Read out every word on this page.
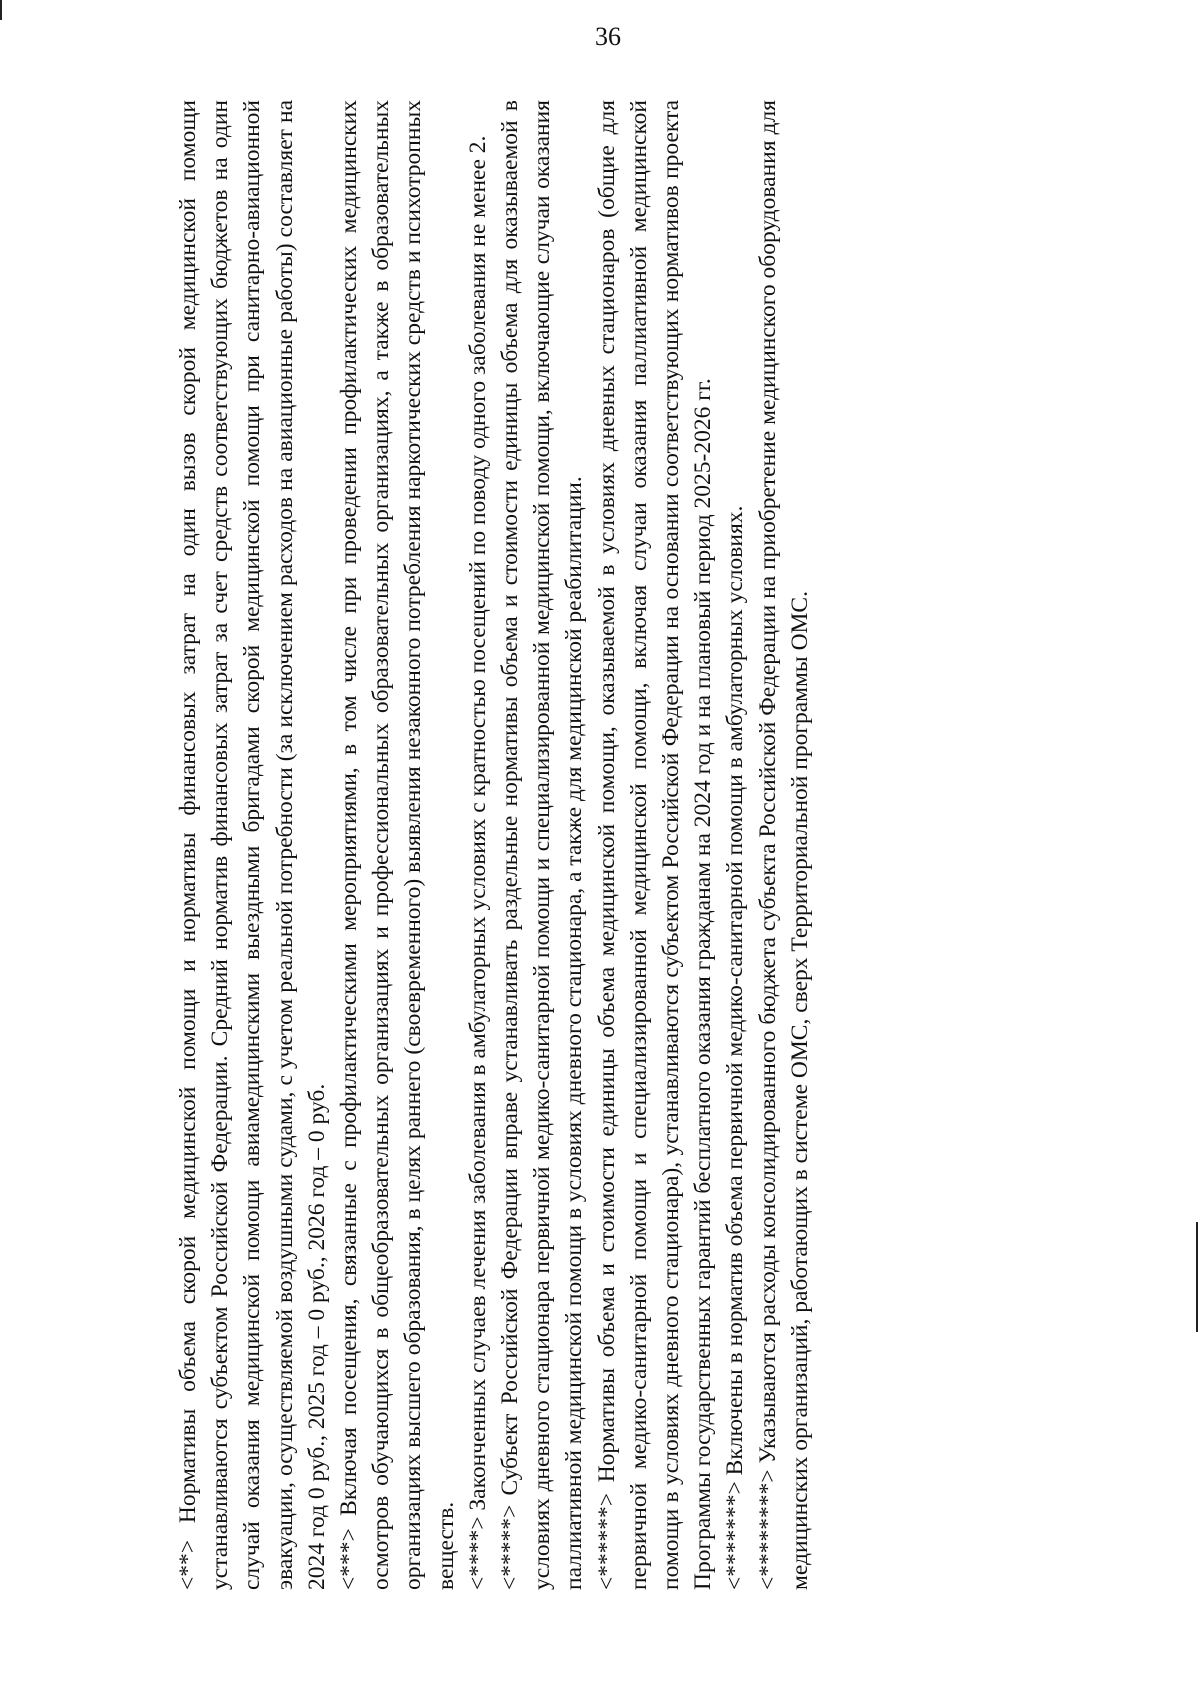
36

<**> Нормативы объема скорой медицинской помощи и нормативы финансовых затрат на один вызов скорой медицинской помощи устанавливаются субъектом Российской Федерации. Средний норматив финансовых затрат за счет средств соответствующих бюджетов на один случай оказания медицинской помощи авиамедицинскими выездными бригадами скорой медицинской помощи при санитарно-авиационной эвакуации, осуществляемой воздушными судами, с учетом реальной потребности (за исключением расходов на авиационные работы) составляет на 2024 год 0 руб., 2025 год – 0 руб., 2026 год – 0 руб. <***> Включая посещения, связанные с профилактическими мероприятиями, в том числе при проведении профилактических медицинских осмотров обучающихся в общеобразовательных организациях и профессиональных образовательных организациях, а также в образовательных организациях высшего образования, в целях раннего (своевременного) выявления незаконного потребления наркотических средств и психотропных веществ. <****> Законченных случаев лечения заболевания в амбулаторных условиях с кратностью посещений по поводу одного заболевания не менее 2.

<*****> Субъект Российской Федерации вправе устанавливать раздельные нормативы объема и стоимости единицы объема для оказываемой в условиях дневного стационара первичной медико-санитарной помощи и специализированной медицинской помощи, включающие случаи оказания паллиативной медицинской помощи в условиях дневного стационара, а также для медицинской реабилитации. <******> Нормативы объема и стоимости единицы объема медицинской помощи, оказываемой в условиях дневных стационаров (общие для первичной медико-санитарной помощи и специализированной медицинской помощи, включая случаи оказания паллиативной медицинской помощи в условиях дневного стационара), устанавливаются субъектом Российской Федерации на основании соответствующих нормативов проекта Программы государственных гарантий бесплатного оказания гражданам на 2024 год и на плановый период 2025-2026 гг. <*******> Включены в норматив объема первичной медико-санитарной помощи в амбулаторных условиях.

<********> Указываются расходы консолидированного бюджета субъекта Российской Федерации на приобретение медицинского оборудования для медицинских организаций, работающих в системе ОМС, сверх Территориальной программы ОМС.
